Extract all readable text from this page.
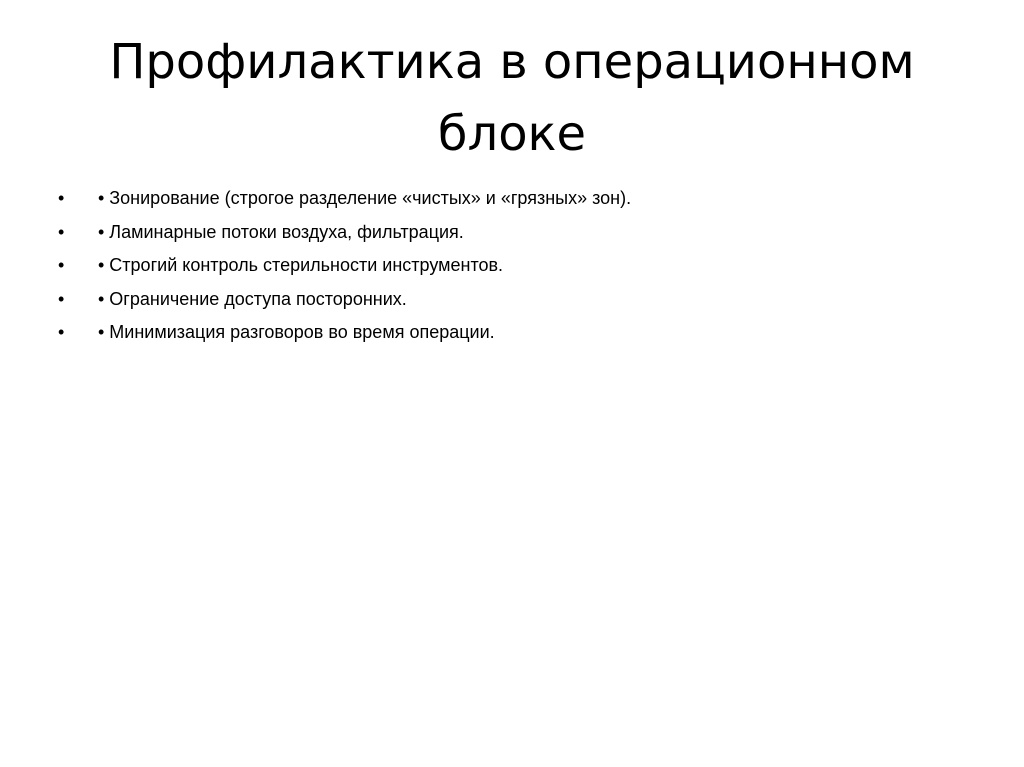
Профилактика в операционном
блоке
•	• Зонирование (строгое разделение «чистых» и «грязных» зон).
•	• Ламинарные потоки воздуха, фильтрация.
•	• Строгий контроль стерильности инструментов.
•	• Ограничение доступа посторонних.
•	• Минимизация разговоров во время операции.
